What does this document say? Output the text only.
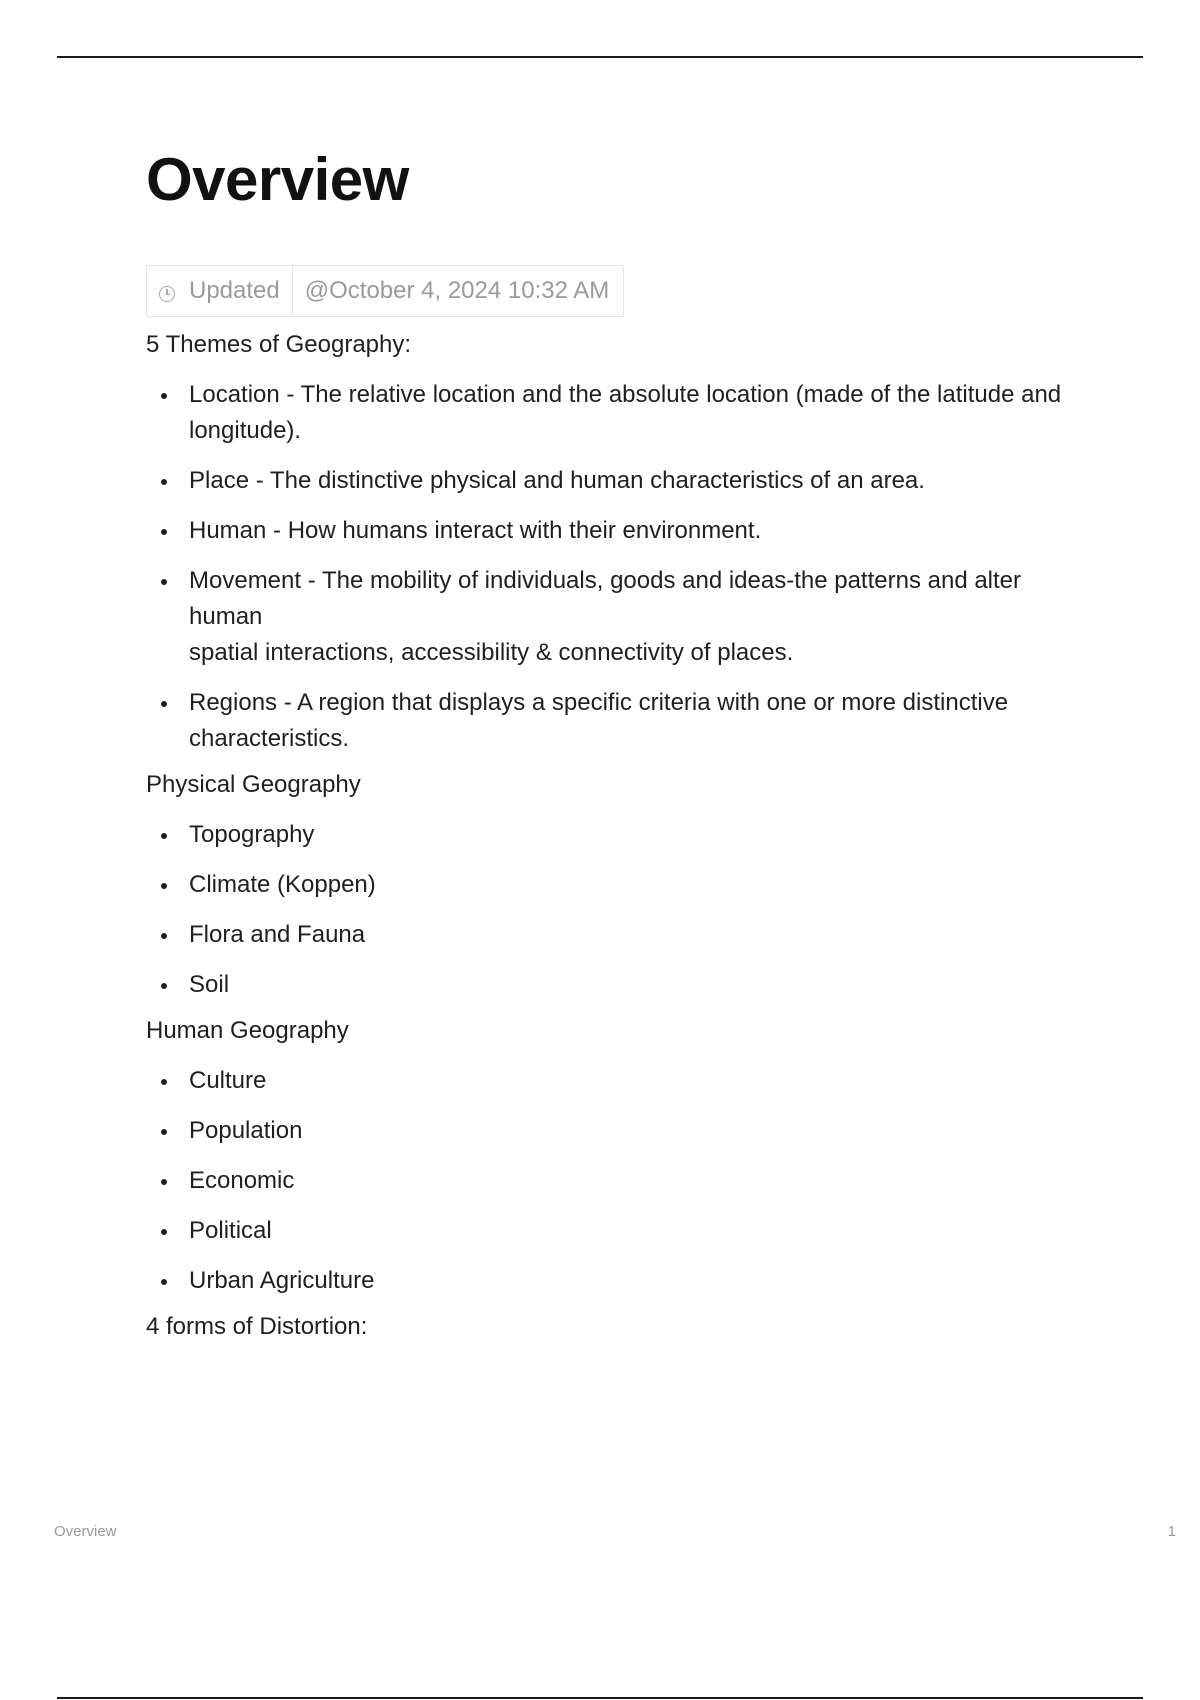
Overview
Updated	@October 4, 2024 10:32 AM

5 Themes of Geography:

Location - The relative location and the absolute location (made of the latitude and
longitude).
Place - The distinctive physical and human characteristics of an area.
Human - How humans interact with their environment.
Movement - The mobility of individuals, goods and ideas-the patterns and alter human
spatial interactions, accessibility & connectivity of places.
Regions - A region that displays a specific criteria with one or more distinctive characteristics.

Physical Geography

Topography
Climate (Koppen)
Flora and Fauna
Soil

Human Geography

Culture
Population
Economic
Political
Urban Agriculture

4 forms of Distortion:

Overview	1
